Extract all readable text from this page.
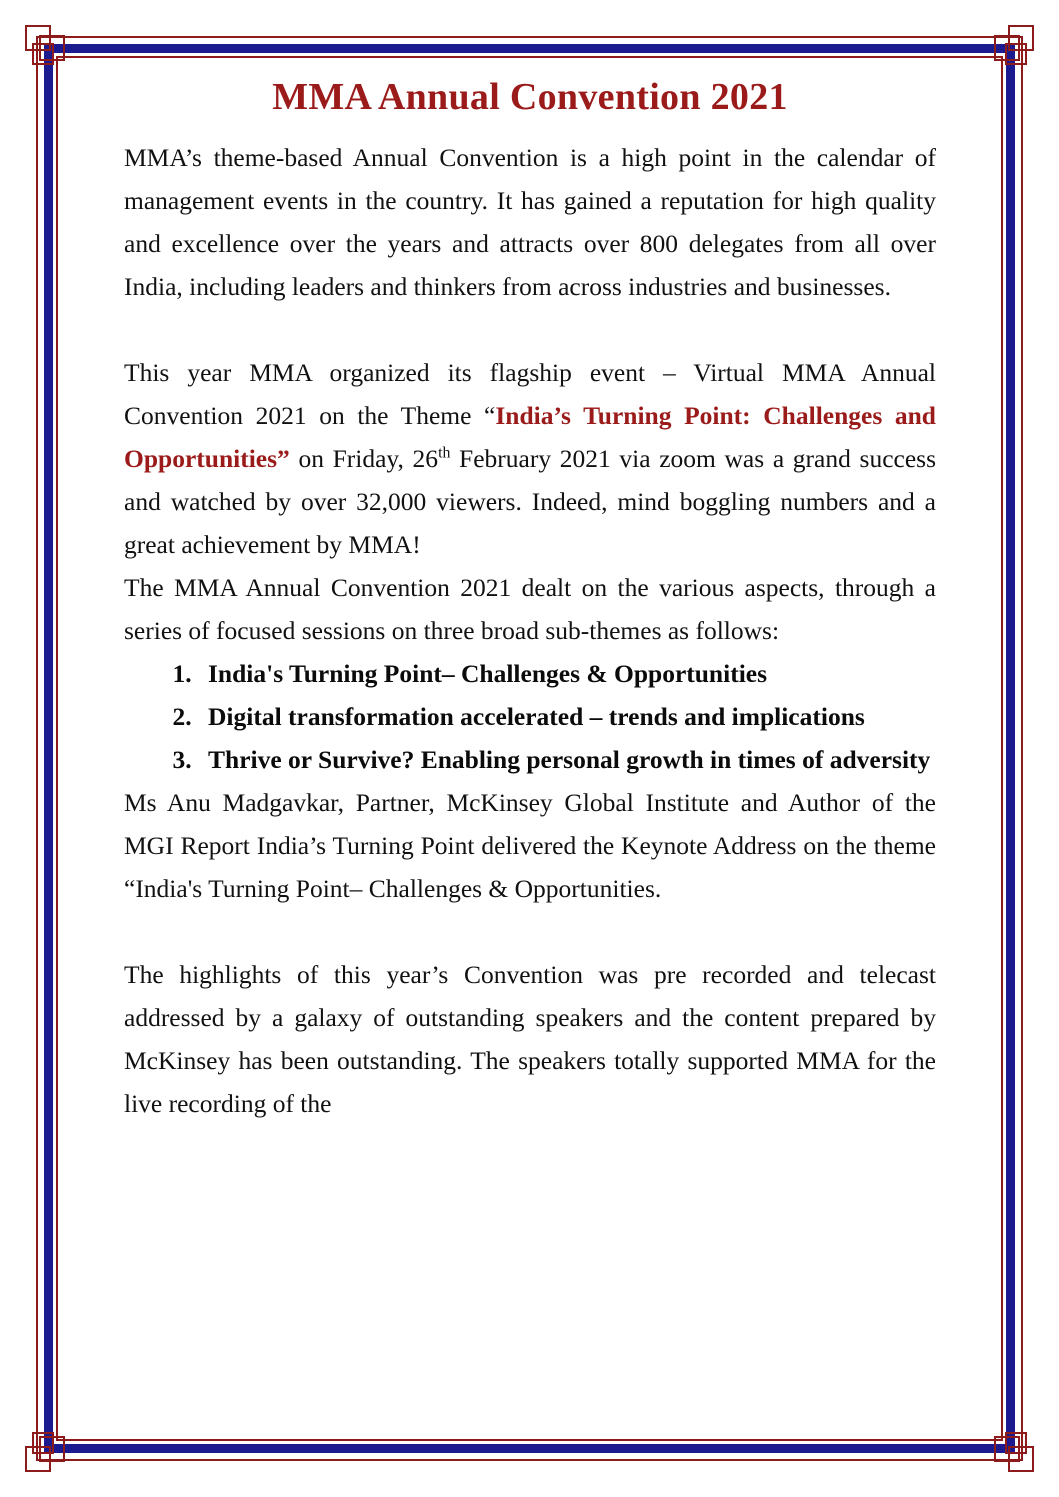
MMA Annual Convention 2021

MMA’s theme-based Annual Convention is a high point in the calendar of management events in the country. It has gained a reputation for high quality and excellence over the years and attracts over 800 delegates from all over India, including leaders and thinkers from across industries and businesses.

This year MMA organized its flagship event – Virtual MMA Annual Convention 2021 on the Theme “India’s Turning Point: Challenges and Opportunities” on Friday, 26th February 2021 via zoom was a grand success and watched by over 32,000 viewers. Indeed, mind boggling numbers and a great achievement by MMA!

The MMA Annual Convention 2021 dealt on the various aspects, through a series of focused sessions on three broad sub-themes as follows:

1. India's Turning Point– Challenges & Opportunities
2. Digital transformation accelerated – trends and implications
3. Thrive or Survive? Enabling personal growth in times of adversity

Ms Anu Madgavkar, Partner, McKinsey Global Institute and Author of the MGI Report India’s Turning Point delivered the Keynote Address on the theme “India's Turning Point– Challenges & Opportunities.

The highlights of this year’s Convention was pre recorded and telecast addressed by a galaxy of outstanding speakers and the content prepared by McKinsey has been outstanding. The speakers totally supported MMA for the live recording of the
